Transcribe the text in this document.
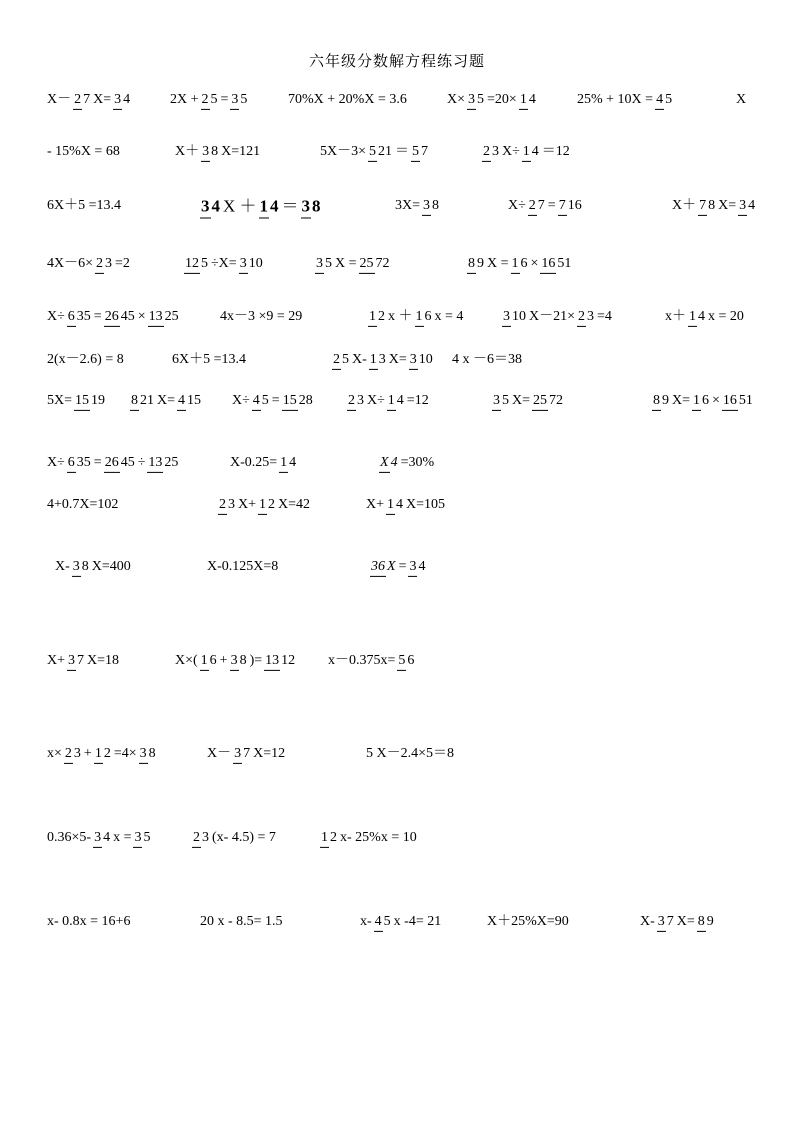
六年级分数解方程练习题
X－2 7 X= 3 4	2X +2 5 =3 5	70%X + 20%X = 3.6	X× 3 5 =20× 1 4	25% + 10X =4 5	X
- 15%X = 68	X＋ 3 8 X=121	5X－3× 5 21 ＝ 5 7	2 3 X÷ 1 4 ＝12
6X＋5 =13.4	3 4 X ＋1 4 ＝ 3 8	3X= 3 8	X÷ 2 7 = 7 16	X＋ 7 8 X= 3 4
4X－6× 2 3 =2	12 5 ÷X= 3 10	3 5X =25 72	8 9X =1 6 × 16 51
X÷6 35 = 26 45 × 13 25	4x－3 ×9 = 29	1 2 x ＋1 6 x = 4	3 10 X－21× 2 3 =4	x＋ 1 4 x = 20
2(x－2.6) = 8	6X＋5 =13.4	2 5 X- 1 3 X= 3 10 4 x －6＝38
5X= 15 19 8 21 X= 4 15 X÷ 4 5 = 15 28	2 3 X÷ 1 4 =12	3 5 X= 25 72	8 9 X= 1 6 × 16 51
X÷ 6 35 = 26 45 ÷ 13 25	X-0.25= 1 4	X 4 =30%
4+0.7X=102	2 3 X+ 1 2 X=42	X+ 1 4 X=105
X- 3 8 X=400	X-0.125X=8	36 X=3 4
X+ 3 7 X=18	X×(1 6 +3 8 )= 13 12 x－0.375x= 5 6
x× 2 3 + 1 2 =4× 3 8	X－3 7 X=12	5 X－2.4×5＝8
0.36×5-3 4 x =3 5	2 3 (x- 4.5) = 7	1 2 x- 25%x = 10
x- 0.8x = 16+6	20 x - 8.5= 1.5	x-4 5 x -4= 21	X＋25%X=90	X- 3 7 X=8 9
